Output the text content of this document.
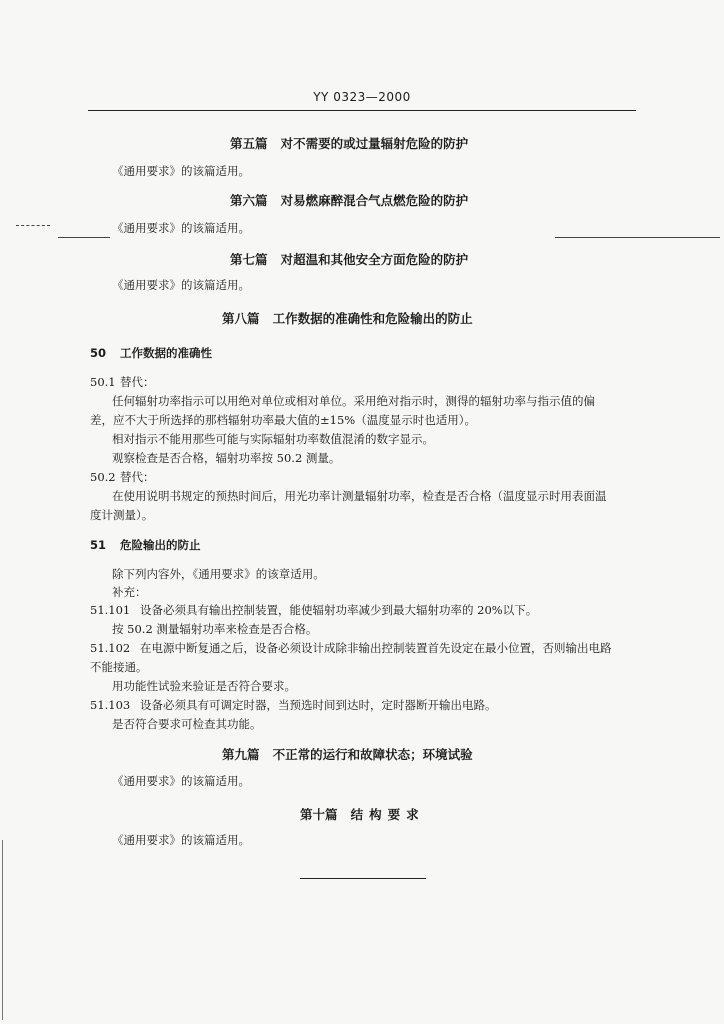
YY 0323—2000
第五篇 对不需要的或过量辐射危险的防护
《通用要求》的该篇适用。
第六篇 对易燃麻醉混合气点燃危险的防护
《通用要求》的该篇适用。
第七篇 对超温和其他安全方面危险的防护
《通用要求》的该篇适用。
第八篇 工作数据的准确性和危险输出的防止
50 工作数据的准确性
50.1 替代：
任何辐射功率指示可以用绝对单位或相对单位。采用绝对指示时，测得的辐射功率与指示值的偏
差，应不大于所选择的那档辐射功率最大值的±15%（温度显示时也适用）。
相对指示不能用那些可能与实际辐射功率数值混淆的数字显示。
观察检查是否合格，辐射功率按 50.2 测量。
50.2 替代：
在使用说明书规定的预热时间后，用光功率计测量辐射功率，检查是否合格（温度显示时用表面温
度计测量）。
51 危险输出的防止
除下列内容外，《通用要求》的该章适用。
补充：
51.101 设备必须具有输出控制装置，能使辐射功率减少到最大辐射功率的 20%以下。
按 50.2 测量辐射功率来检查是否合格。
51.102 在电源中断复通之后，设备必须设计成除非输出控制装置首先设定在最小位置，否则输出电路
不能接通。
用功能性试验来验证是否符合要求。
51.103 设备必须具有可调定时器，当预选时间到达时，定时器断开输出电路。
是否符合要求可检查其功能。
第九篇 不正常的运行和故障状态；环境试验
《通用要求》的该篇适用。
第十篇 结构要求
《通用要求》的该篇适用。
